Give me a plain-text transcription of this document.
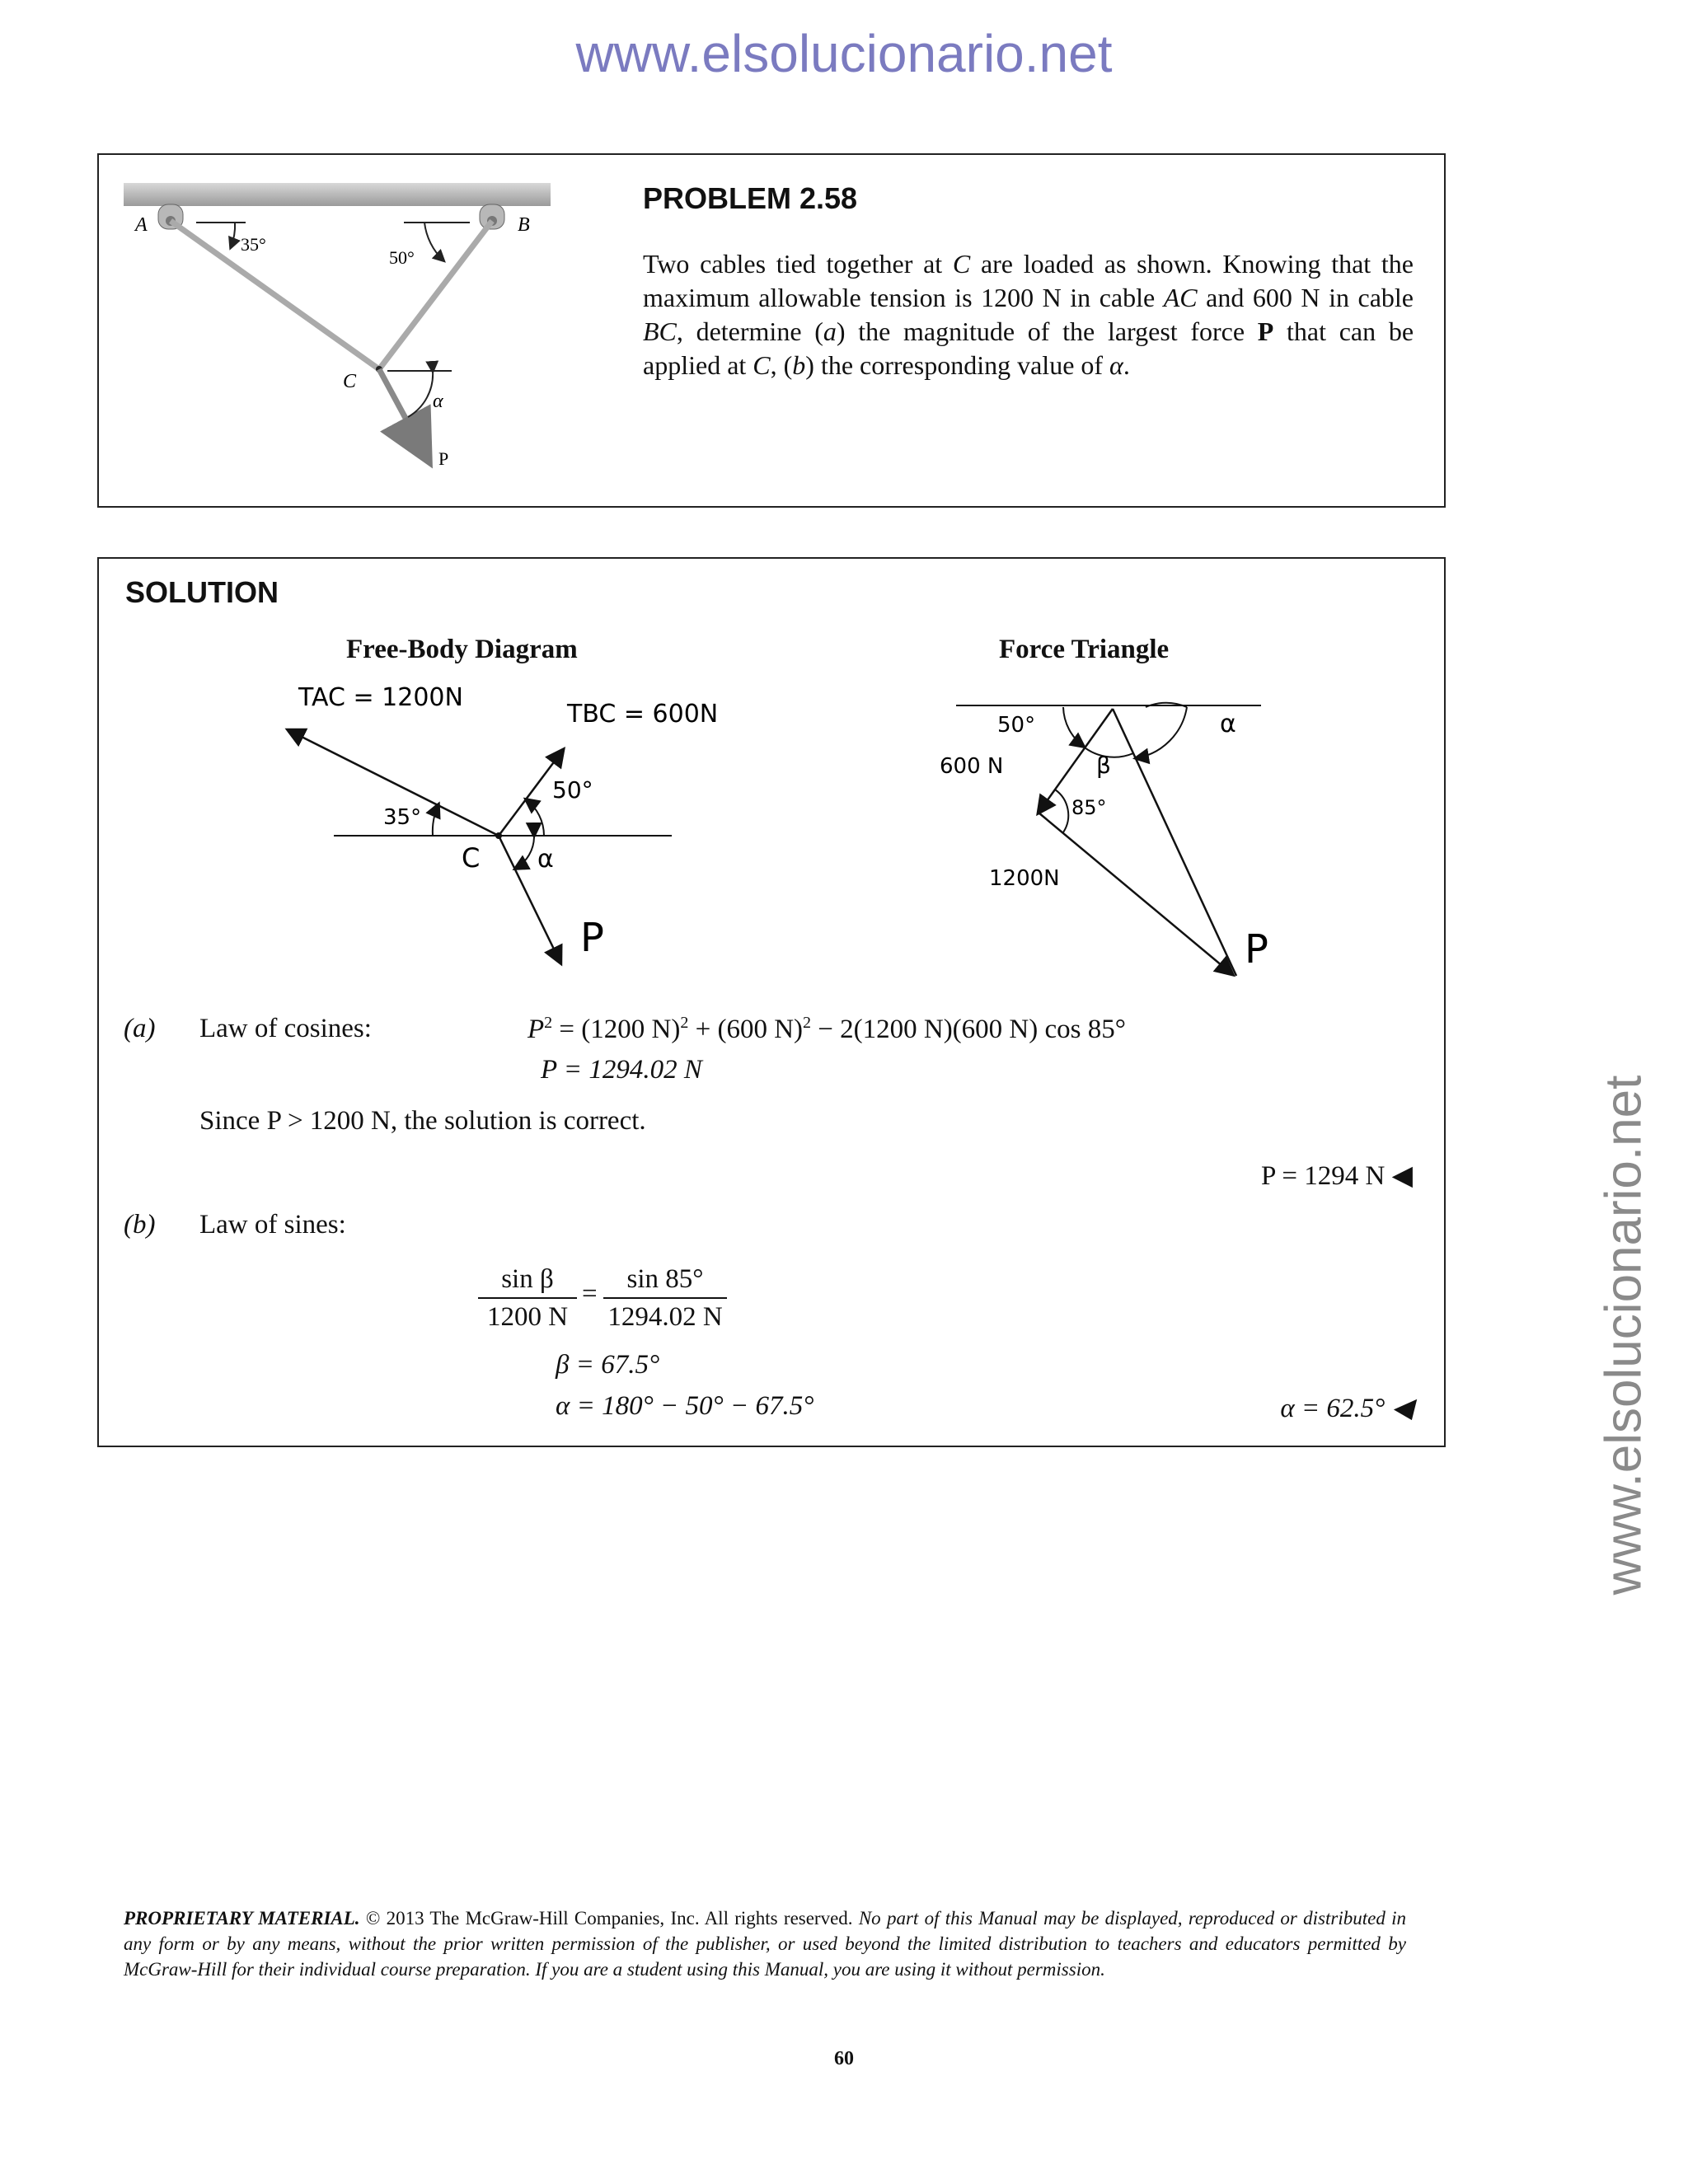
www.elsolucionario.net
www.elsolucionario.net
A	B
C
P
35°
50°
α
PROBLEM 2.58
Two cables tied together at C are loaded as shown. Knowing that the maximum allowable tension is 1200 N in cable AC and 600 N in cable BC, determine (a) the magnitude of the largest force P that can be applied at C, (b) the corresponding value of α.
SOLUTION
Free-Body Diagram	Force Triangle
TAC = 1200N
TBC = 600N
35°
50°
C α
P
50°	α
600 N	β
85°
1200N
P
(a) Law of cosines:	$P^2 = (1200$ N)$^2$ + (600 N)$^2$ − 2(1200 N)(600 N) cos 85°
P = 1294.02 N
Since P > 1200 N, the solution is correct.
P = 1294 N ◀
(b) Law of sines:
sin β
1200 N
=	sin 85°
1294.02 N
β = 67.5°
α = 180° − 50° − 67.5°	α = 62.5° ◀
PROPRIETARY MATERIAL. © 2013 The McGraw-Hill Companies, Inc. All rights reserved. No part of this Manual may be displayed, reproduced or distributed in any form or by any means, without the prior written permission of the publisher, or used beyond the limited distribution to teachers and educators permitted by McGraw-Hill for their individual course preparation. If you are a student using this Manual, you are using it without permission.
60
